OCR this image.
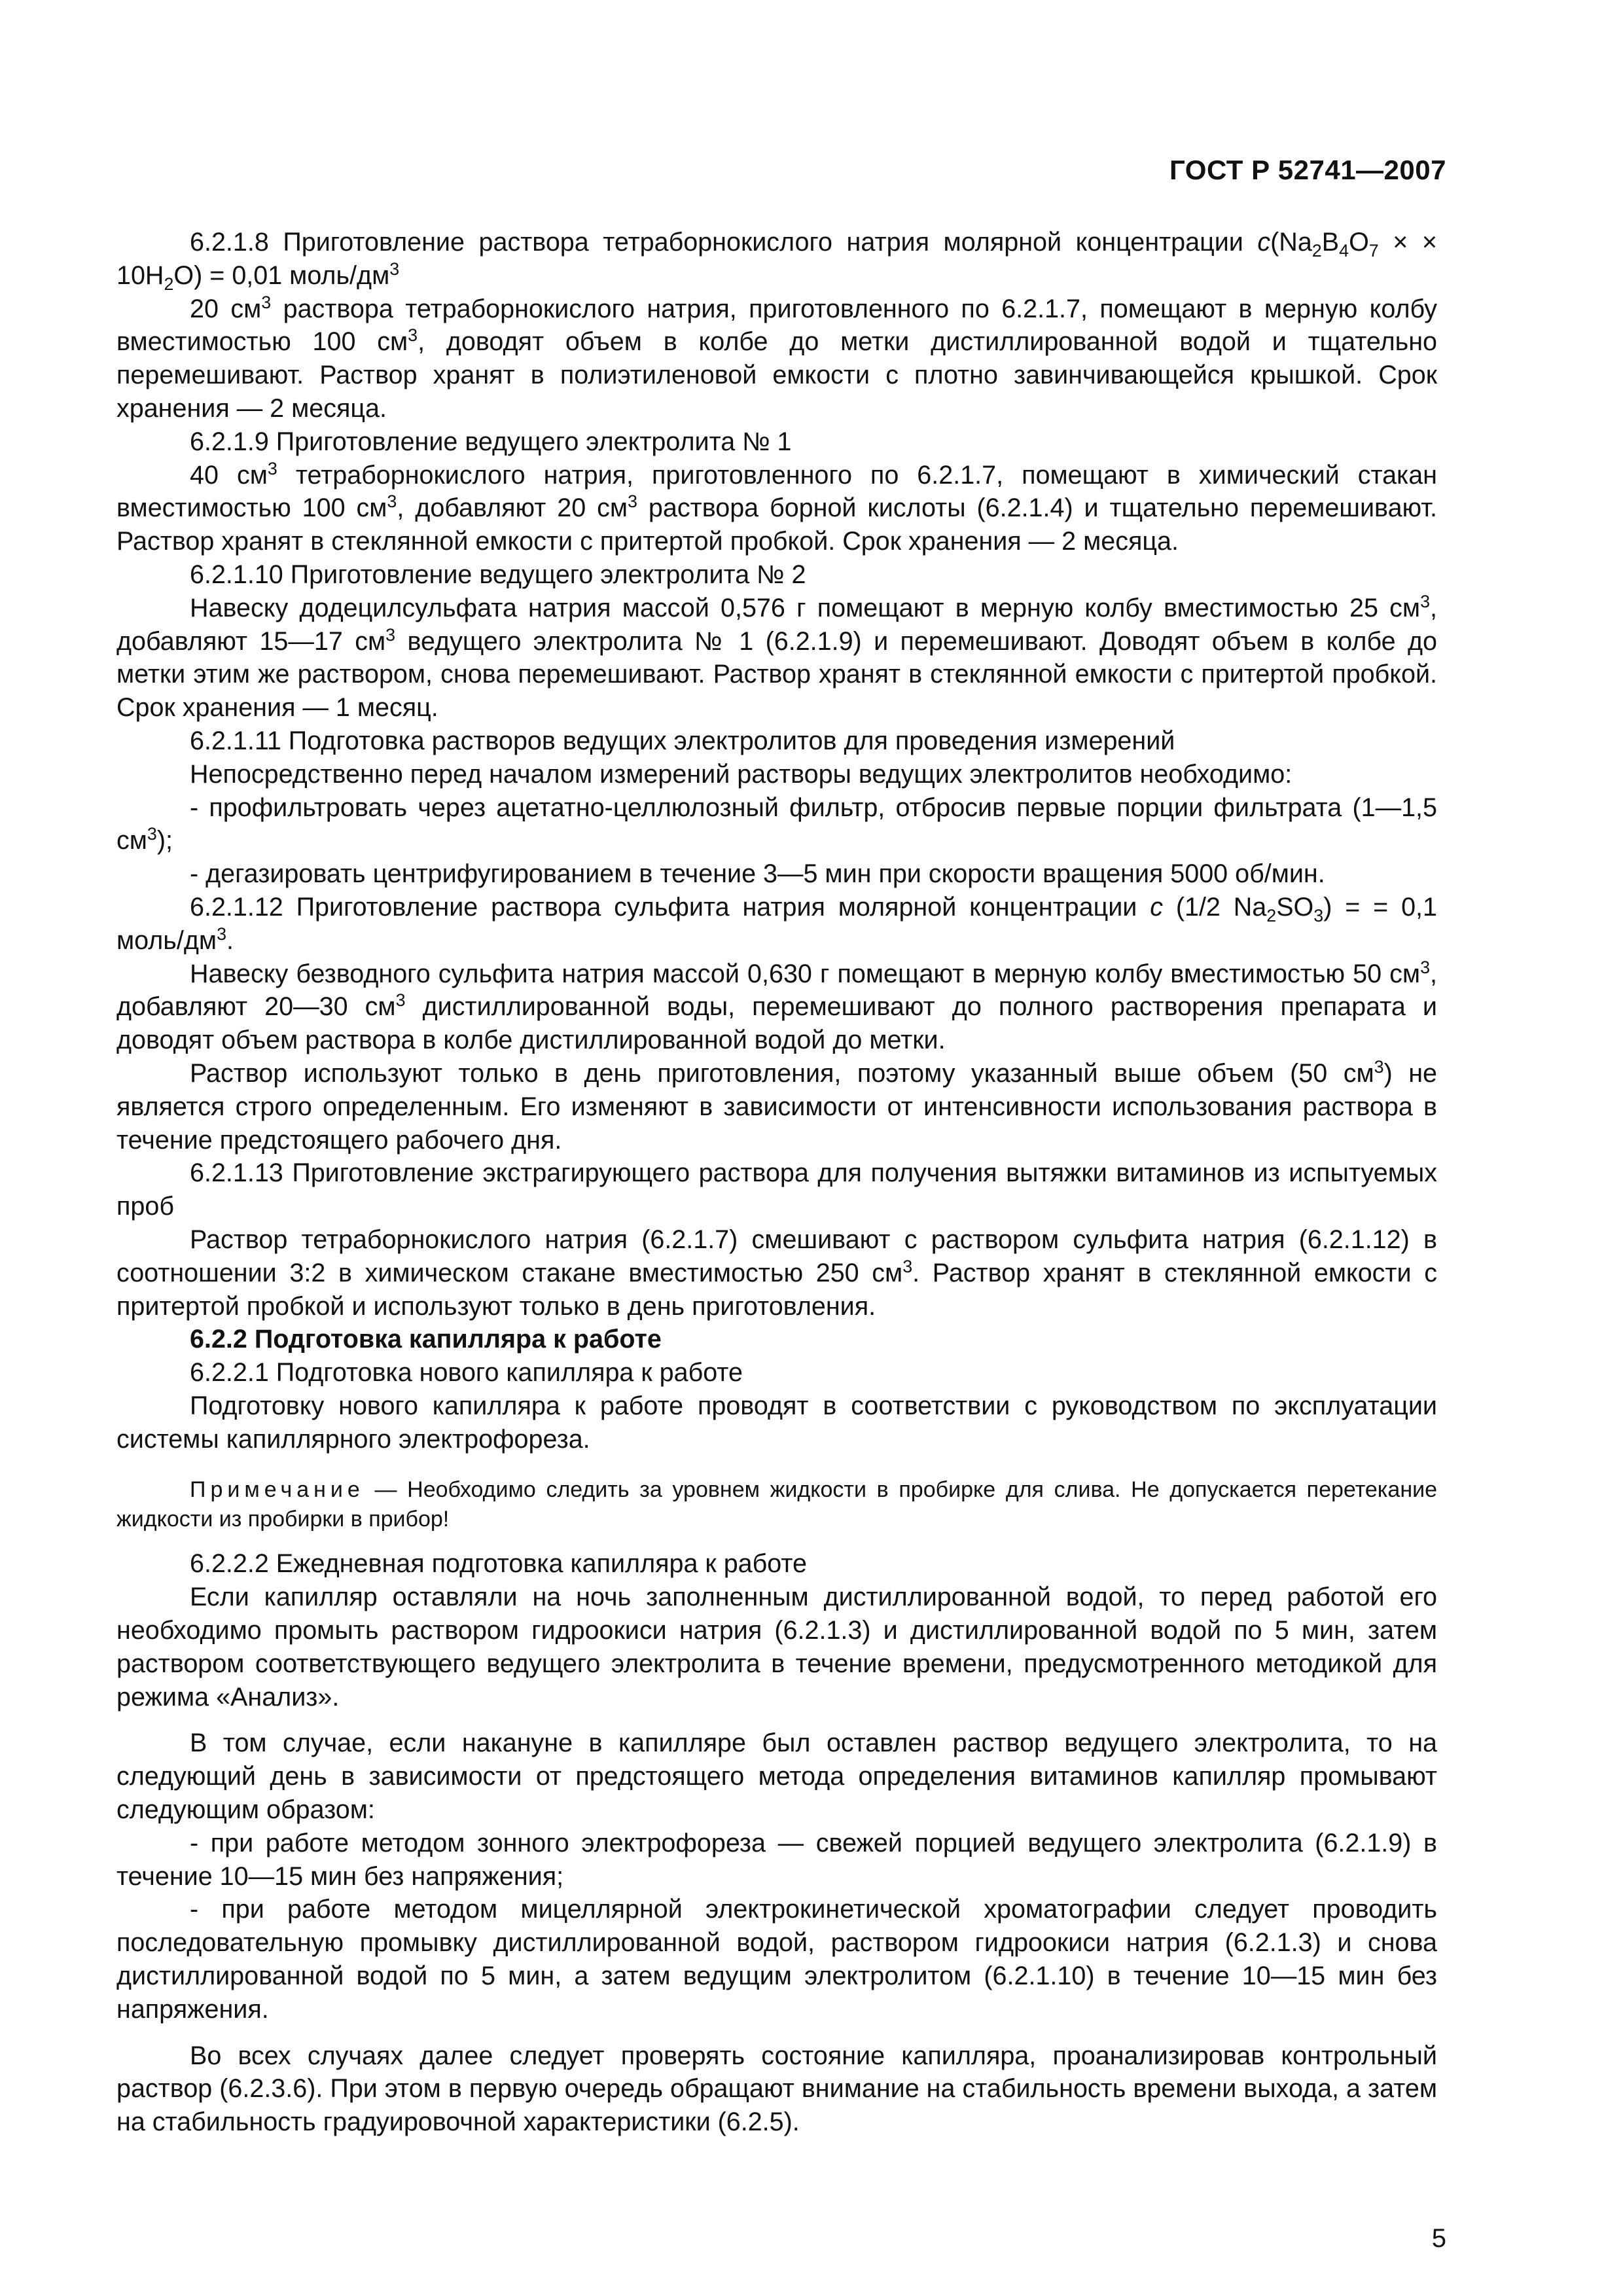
ГОСТ Р 52741—2007

6.2.1.8 Приготовление раствора тетраборнокислого натрия молярной концентрации $с(Na_2B_4O_7$ × × $10H_2O) = 0,01$ моль/$дм^3$

20 $см^3$ раствора тетраборнокислого натрия, приготовленного по 6.2.1.7, помещают в мерную колбу вместимостью 100 $см^3$, доводят объем в колбе до метки дистиллированной водой и тщательно перемешивают. Раствор хранят в полиэтиленовой емкости с плотно завинчивающейся крышкой. Срок хранения — 2 месяца.

6.2.1.9 Приготовление ведущего электролита № 1

40 $см^3$ тетраборнокислого натрия, приготовленного по 6.2.1.7, помещают в химический стакан вместимостью 100 $см^3$, добавляют 20 $см^3$ раствора борной кислоты (6.2.1.4) и тщательно перемешивают. Раствор хранят в стеклянной емкости с притертой пробкой. Срок хранения — 2 месяца.

6.2.1.10 Приготовление ведущего электролита № 2

Навеску додецилсульфата натрия массой 0,576 г помещают в мерную колбу вместимостью 25 $см^3$, добавляют 15—17 $см^3$ ведущего электролита № 1 (6.2.1.9) и перемешивают. Доводят объем в колбе до метки этим же раствором, снова перемешивают. Раствор хранят в стеклянной емкости с притертой пробкой. Срок хранения — 1 месяц.

6.2.1.11 Подготовка растворов ведущих электролитов для проведения измерений

Непосредственно перед началом измерений растворы ведущих электролитов необходимо:

- профильтровать через ацетатно-целлюлозный фильтр, отбросив первые порции фильтрата (1—1,5 $см^3$);

- дегазировать центрифугированием в течение 3—5 мин при скорости вращения 5000 об/мин.

6.2.1.12 Приготовление раствора сульфита натрия молярной концентрации с (1/2 $Na_2SO_3$) = = 0,1 моль/$дм^3$.

Навеску безводного сульфита натрия массой 0,630 г помещают в мерную колбу вместимостью 50 $см^3$, добавляют 20—30 $см^3$ дистиллированной воды, перемешивают до полного растворения препарата и доводят объем раствора в колбе дистиллированной водой до метки.

Раствор используют только в день приготовления, поэтому указанный выше объем (50 $см^3$) не является строго определенным. Его изменяют в зависимости от интенсивности использования раствора в течение предстоящего рабочего дня.

6.2.1.13 Приготовление экстрагирующего раствора для получения вытяжки витаминов из испытуемых проб

Раствор тетраборнокислого натрия (6.2.1.7) смешивают с раствором сульфита натрия (6.2.1.12) в соотношении 3:2 в химическом стакане вместимостью 250 $см^3$. Раствор хранят в стеклянной емкости с притертой пробкой и используют только в день приготовления.

6.2.2 Подготовка капилляра к работе

6.2.2.1 Подготовка нового капилляра к работе

Подготовку нового капилляра к работе проводят в соответствии с руководством по эксплуатации системы капиллярного электрофореза.

Примечание — Необходимо следить за уровнем жидкости в пробирке для слива. Не допускается перетекание жидкости из пробирки в прибор!

6.2.2.2 Ежедневная подготовка капилляра к работе

Если капилляр оставляли на ночь заполненным дистиллированной водой, то перед работой его необходимо промыть раствором гидроокиси натрия (6.2.1.3) и дистиллированной водой по 5 мин, затем раствором соответствующего ведущего электролита в течение времени, предусмотренного методикой для режима «Анализ».

В том случае, если накануне в капилляре был оставлен раствор ведущего электролита, то на следующий день в зависимости от предстоящего метода определения витаминов капилляр промывают следующим образом:

- при работе методом зонного электрофореза — свежей порцией ведущего электролита (6.2.1.9) в течение 10—15 мин без напряжения;

- при работе методом мицеллярной электрокинетической хроматографии следует проводить последовательную промывку дистиллированной водой, раствором гидроокиси натрия (6.2.1.3) и снова дистиллированной водой по 5 мин, а затем ведущим электролитом (6.2.1.10) в течение 10—15 мин без напряжения.

Во всех случаях далее следует проверять состояние капилляра, проанализировав контрольный раствор (6.2.3.6). При этом в первую очередь обращают внимание на стабильность времени выхода, а затем на стабильность градуировочной характеристики (6.2.5).

5
